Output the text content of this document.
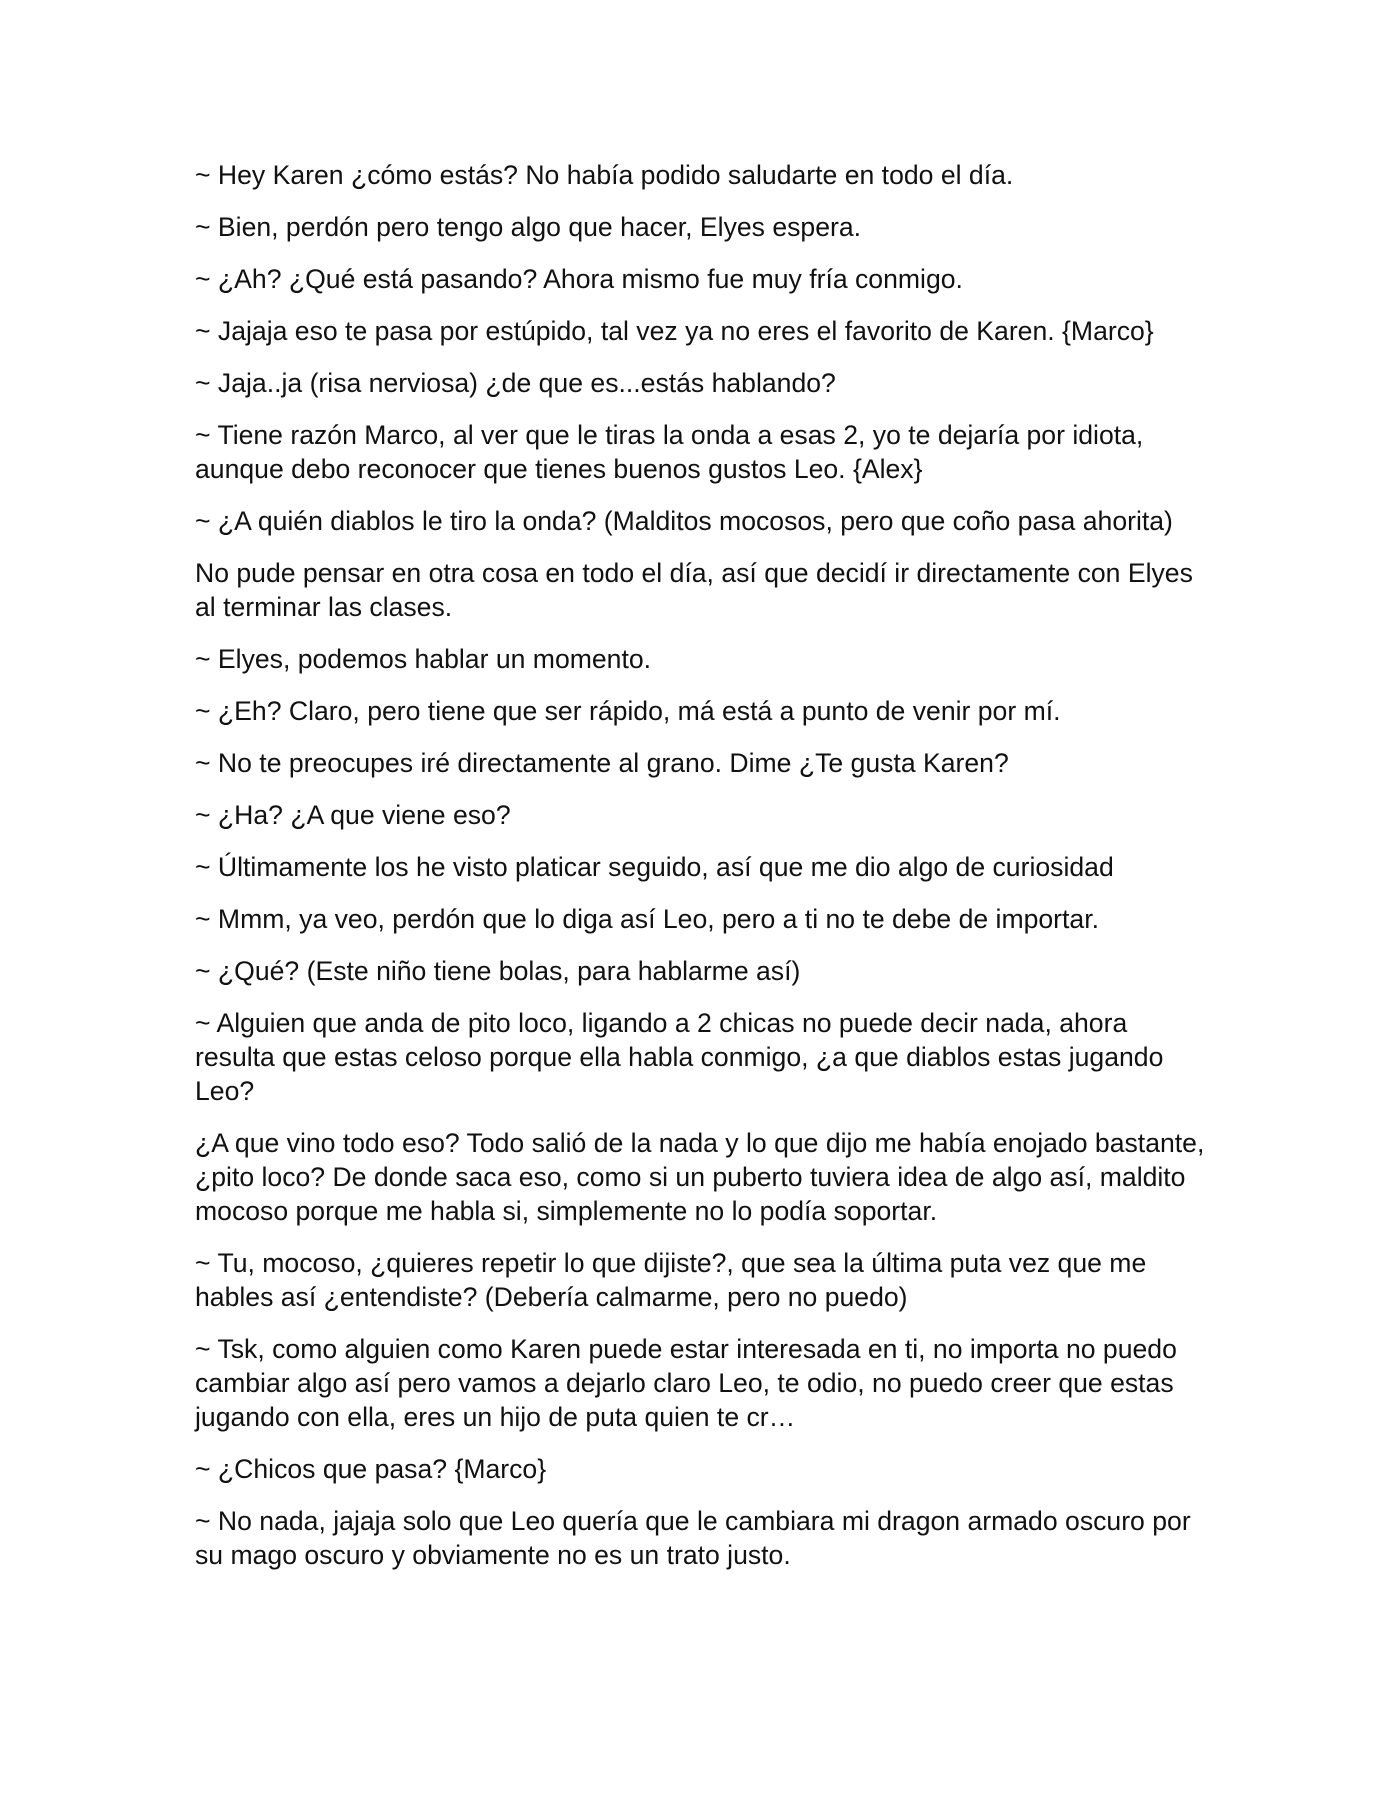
~ Hey Karen ¿cómo estás? No había podido saludarte en todo el día.

~ Bien, perdón pero tengo algo que hacer, Elyes espera.

~ ¿Ah? ¿Qué está pasando? Ahora mismo fue muy fría conmigo.

~ Jajaja eso te pasa por estúpido, tal vez ya no eres el favorito de Karen. {Marco}

~ Jaja..ja (risa nerviosa) ¿de que es...estás hablando?

~ Tiene razón Marco, al ver que le tiras la onda a esas 2, yo te dejaría por idiota, aunque debo reconocer que tienes buenos gustos Leo. {Alex}

~ ¿A quién diablos le tiro la onda? (Malditos mocosos, pero que coño pasa ahorita)

No pude pensar en otra cosa en todo el día, así que decidí ir directamente con Elyes al terminar las clases.

~ Elyes, podemos hablar un momento.

~ ¿Eh? Claro, pero tiene que ser rápido, má está a punto de venir por mí.

~ No te preocupes iré directamente al grano. Dime ¿Te gusta Karen?

~ ¿Ha? ¿A que viene eso?

~ Últimamente los he visto platicar seguido, así que me dio algo de curiosidad

~ Mmm, ya veo, perdón que lo diga así Leo, pero a ti no te debe de importar.

~ ¿Qué? (Este niño tiene bolas, para hablarme así)

~ Alguien que anda de pito loco, ligando a 2 chicas no puede decir nada, ahora resulta que estas celoso porque ella habla conmigo, ¿a que diablos estas jugando Leo?

¿A que vino todo eso? Todo salió de la nada y lo que dijo me había enojado bastante, ¿pito loco? De donde saca eso, como si un puberto tuviera idea de algo así, maldito mocoso porque me habla si, simplemente no lo podía soportar.

~ Tu, mocoso, ¿quieres repetir lo que dijiste?, que sea la última puta vez que me hables así ¿entendiste? (Debería calmarme, pero no puedo)

~ Tsk, como alguien como Karen puede estar interesada en ti, no importa no puedo cambiar algo así pero vamos a dejarlo claro Leo, te odio, no puedo creer que estas jugando con ella, eres un hijo de puta quien te cr…

~ ¿Chicos que pasa? {Marco}

~ No nada, jajaja solo que Leo quería que le cambiara mi dragon armado oscuro por su mago oscuro y obviamente no es un trato justo.
